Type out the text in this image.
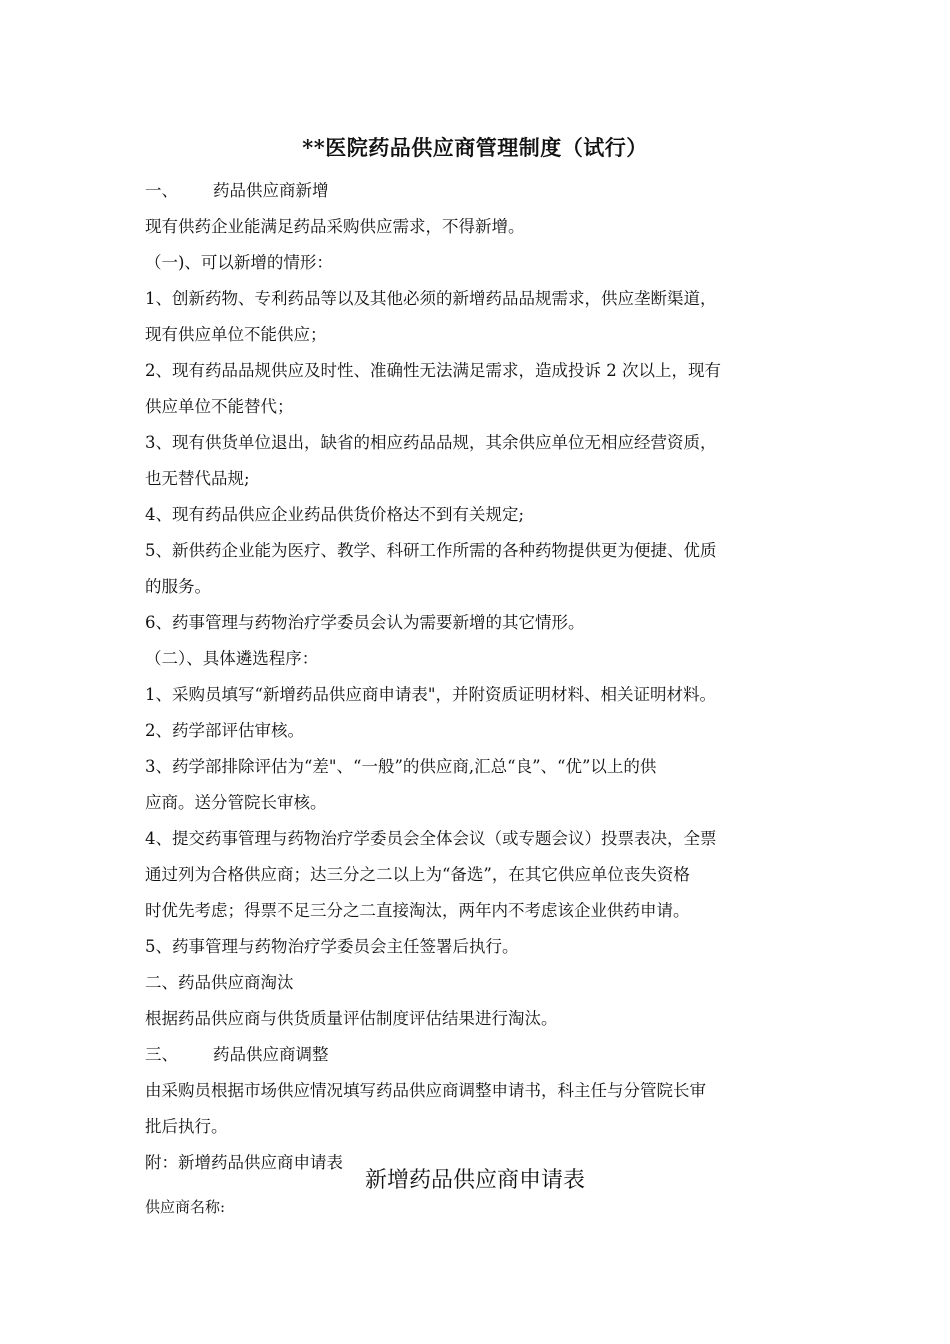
**医院药品供应商管理制度（试行）
一、 药品供应商新增
现有供药企业能满足药品采购供应需求，不得新增。
（一)、可以新增的情形：
1、创新药物、专利药品等以及其他必须的新增药品品规需求，供应垄断渠道，
现有供应单位不能供应；
2、现有药品品规供应及时性、准确性无法满足需求，造成投诉 2 次以上，现有
供应单位不能替代；
3、现有供货单位退出，缺省的相应药品品规，其余供应单位无相应经营资质，
也无替代品规;
4、现有药品供应企业药品供货价格达不到有关规定;
5、新供药企业能为医疗、教学、科研工作所需的各种药物提供更为便捷、优质
的服务。
6、药事管理与药物治疗学委员会认为需要新增的其它情形。
（二）、具体遴选程序：
1、采购员填写“新增药品供应商申请表"，并附资质证明材料、相关证明材料。
2、药学部评估审核。
3、药学部排除评估为“差"、“一般”的供应商,汇总“良”、“优”以上的供
应商。送分管院长审核。
4、提交药事管理与药物治疗学委员会全体会议（或专题会议）投票表决，全票
通过列为合格供应商；达三分之二以上为“备选”，在其它供应单位丧失资格
时优先考虑；得票不足三分之二直接淘汰，两年内不考虑该企业供药申请。
5、药事管理与药物治疗学委员会主任签署后执行。
二、药品供应商淘汰
根据药品供应商与供货质量评估制度评估结果进行淘汰。
三、 药品供应商调整
由采购员根据市场供应情况填写药品供应商调整申请书，科主任与分管院长审
批后执行。
附：新增药品供应商申请表
新增药品供应商申请表
供应商名称:
